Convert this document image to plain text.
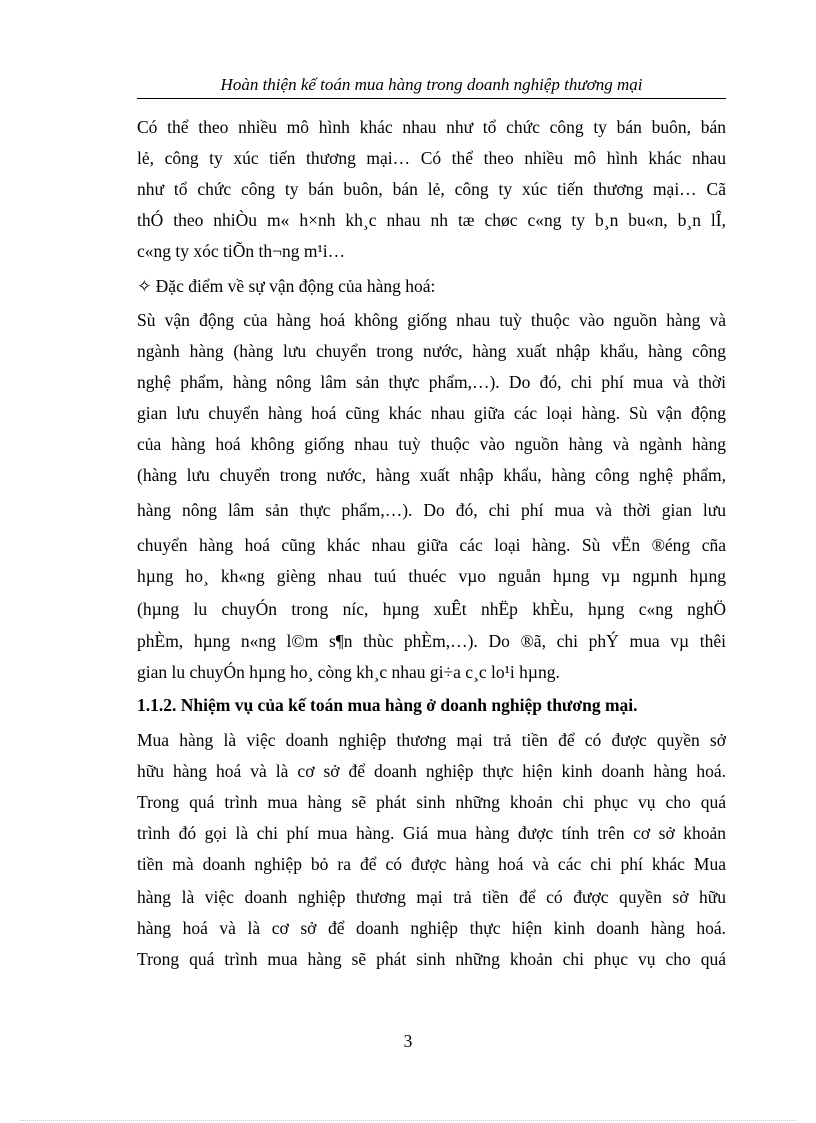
Hoàn thiện kế toán mua hàng trong doanh nghiệp thương mại
Có thể theo nhiều mô hình khác nhau như tổ chức công ty bán buôn, bán
lẻ, công ty xúc tiến thương mại… Có thể theo nhiều mô hình khác nhau
như tổ chức công ty bán buôn, bán lẻ, công ty xúc tiến thương mại… Cã
thÓ theo nhiÒu m« h×nh kh¸c nhau nh tæ chøc c«ng ty b¸n bu«n, b¸n lÎ,
c«ng ty xóc tiÕn th¬ng m¹i…
✧ Đặc điểm về sự vận động của hàng hoá:
Sù vận động của hàng hoá không giống nhau tuỳ thuộc vào nguồn hàng và
ngành hàng (hàng lưu chuyển trong nước, hàng xuất nhập khẩu, hàng công
nghệ phẩm, hàng nông lâm sản thực phẩm,…). Do đó, chi phí mua và thời
gian lưu chuyển hàng hoá cũng khác nhau giữa các loại hàng. Sù vận động
của hàng hoá không giống nhau tuỳ thuộc vào nguồn hàng và ngành hàng
(hàng lưu chuyển trong nước, hàng xuất nhập khẩu, hàng công nghệ phẩm,
hàng nông lâm sản thực phẩm,…). Do đó, chi phí mua và thời gian lưu
chuyển hàng hoá cũng khác nhau giữa các loại hàng. Sù vËn ®éng cña
hµng ho¸ kh«ng gièng nhau tuú thuéc vµo nguån hµng vµ ngµnh hµng
(hµng lu chuyÓn trong níc, hµng xuÊt nhËp khÈu, hµng c«ng nghÖ
phÈm, hµng n«ng l©m s¶n thùc phÈm,…). Do ®ã, chi phÝ mua vµ thêi
gian lu chuyÓn hµng ho¸ còng kh¸c nhau gi÷a c¸c lo¹i hµng.
1.1.2. Nhiệm vụ của kế toán mua hàng ở doanh nghiệp thương mại.
Mua hàng là việc doanh nghiệp thương mại trả tiền để có được quyền sở
hữu hàng hoá và là cơ sở để doanh nghiệp thực hiện kinh doanh hàng hoá.
Trong quá trình mua hàng sẽ phát sinh những khoản chi phục vụ cho quá
trình đó gọi là chi phí mua hàng. Giá mua hàng được tính trên cơ sở khoản
tiền mà doanh nghiệp bỏ ra để có được hàng hoá và các chi phí khác Mua
hàng là việc doanh nghiệp thương mại trả tiền để có được quyền sở hữu
hàng hoá và là cơ sở để doanh nghiệp thực hiện kinh doanh hàng hoá.
Trong quá trình mua hàng sẽ phát sinh những khoản chi phục vụ cho quá
3
